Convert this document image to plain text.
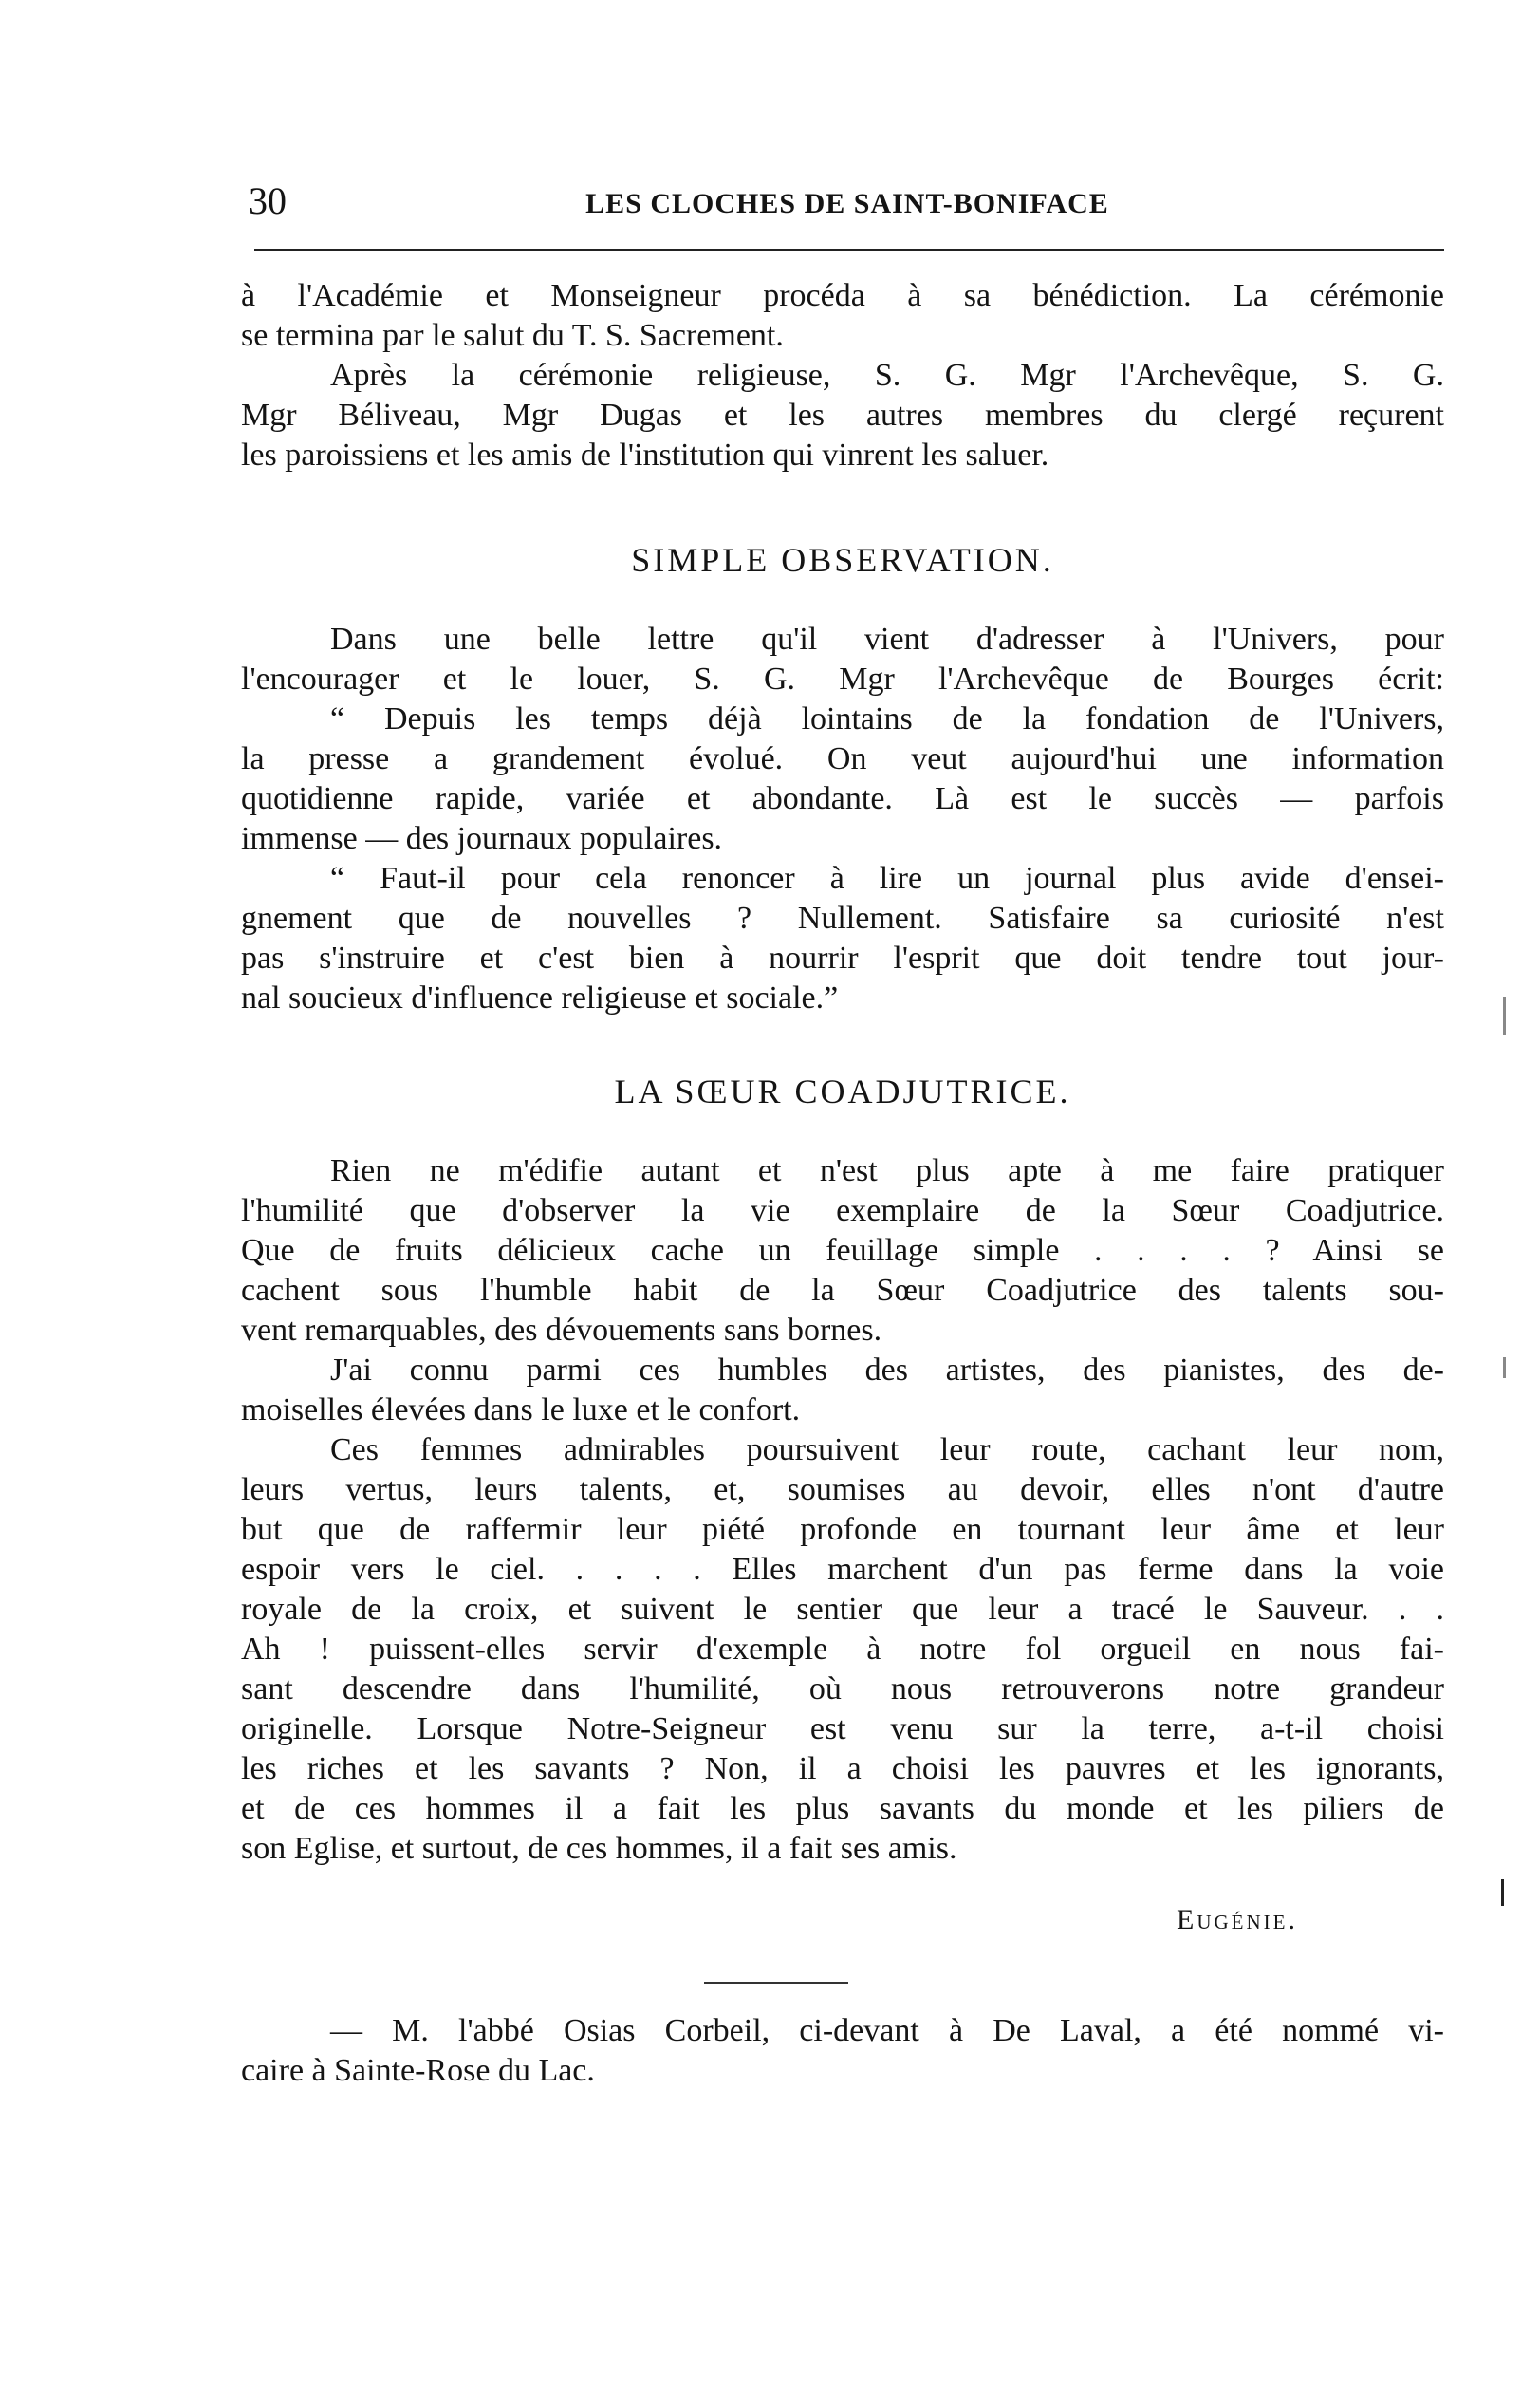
30	LES CLOCHES DE SAINT-BONIFACE
à l'Académie et Monseigneur procéda à sa bénédiction. La cérémonie
se termina par le salut du T. S. Sacrement.
Après la cérémonie religieuse, S. G. Mgr l'Archevêque, S. G.
Mgr Béliveau, Mgr Dugas et les autres membres du clergé reçurent
les paroissiens et les amis de l'institution qui vinrent les saluer.
SIMPLE OBSERVATION.
Dans une belle lettre qu'il vient d'adresser à l'Univers, pour
l'encourager et le louer, S. G. Mgr l'Archevêque de Bourges écrit:
“ Depuis les temps déjà lointains de la fondation de l'Univers,
la presse a grandement évolué. On veut aujourd'hui une information
quotidienne rapide, variée et abondante. Là est le succès — parfois
immense — des journaux populaires.
“ Faut-il pour cela renoncer à lire un journal plus avide d'ensei-
gnement que de nouvelles ? Nullement. Satisfaire sa curiosité n'est
pas s'instruire et c'est bien à nourrir l'esprit que doit tendre tout jour-
nal soucieux d'influence religieuse et sociale.”
LA SŒUR COADJUTRICE.
Rien ne m'édifie autant et n'est plus apte à me faire pratiquer
l'humilité que d'observer la vie exemplaire de la Sœur Coadjutrice.
Que de fruits délicieux cache un feuillage simple . . . . ? Ainsi se
cachent sous l'humble habit de la Sœur Coadjutrice des talents sou-
vent remarquables, des dévouements sans bornes.
J'ai connu parmi ces humbles des artistes, des pianistes, des de-
moiselles élevées dans le luxe et le confort.
Ces femmes admirables poursuivent leur route, cachant leur nom,
leurs vertus, leurs talents, et, soumises au devoir, elles n'ont d'autre
but que de raffermir leur piété profonde en tournant leur âme et leur
espoir vers le ciel. . . . . Elles marchent d'un pas ferme dans la voie
royale de la croix, et suivent le sentier que leur a tracé le Sauveur. . .
Ah ! puissent-elles servir d'exemple à notre fol orgueil en nous fai-
sant descendre dans l'humilité, où nous retrouverons notre grandeur
originelle. Lorsque Notre-Seigneur est venu sur la terre, a-t-il choisi
les riches et les savants ? Non, il a choisi les pauvres et les ignorants,
et de ces hommes il a fait les plus savants du monde et les piliers de
son Eglise, et surtout, de ces hommes, il a fait ses amis.
Eugénie.
— M. l'abbé Osias Corbeil, ci-devant à De Laval, a été nommé vi-
caire à Sainte-Rose du Lac.
